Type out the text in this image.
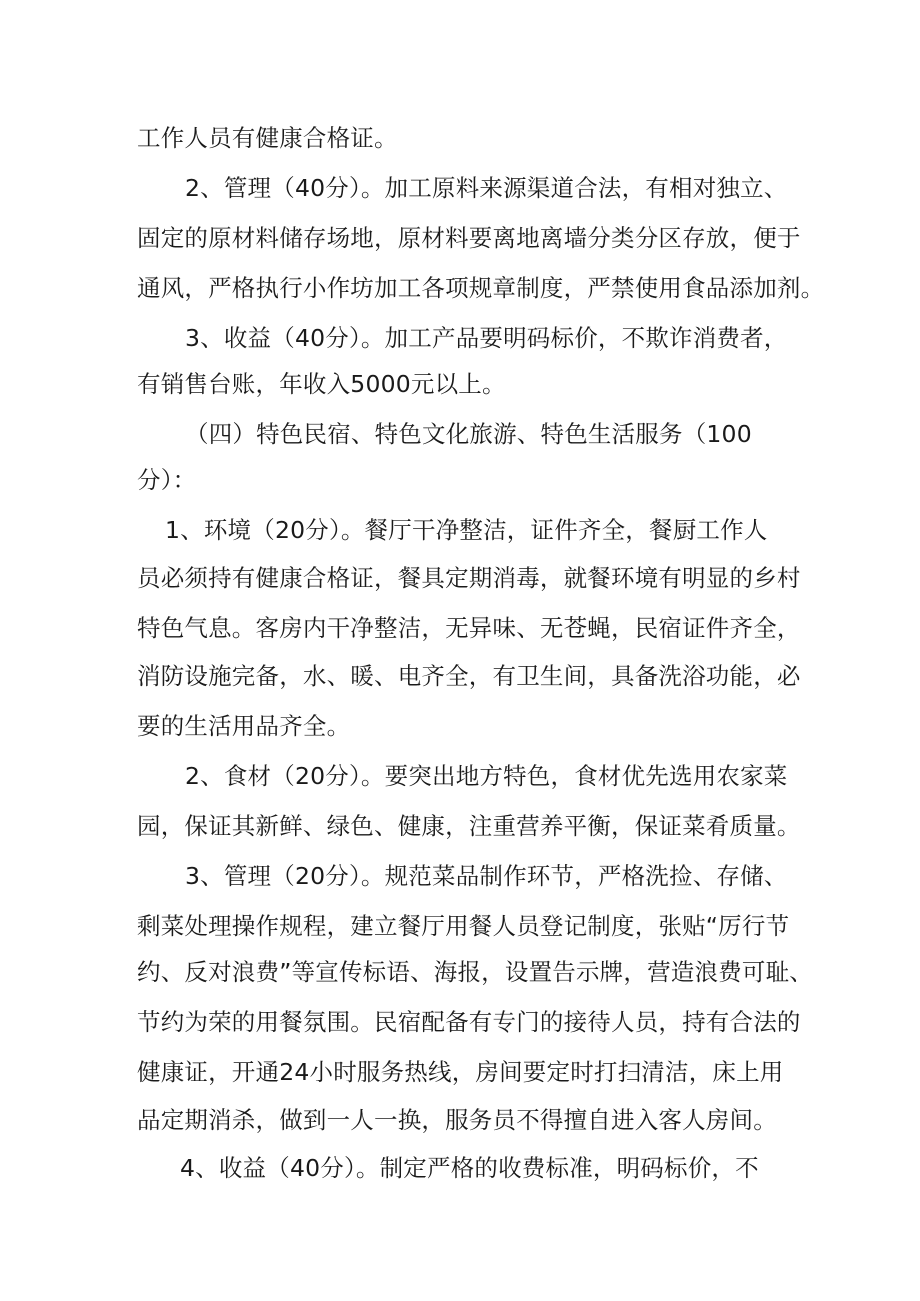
工作人员有健康合格证。
2、管理（40分）。加工原料来源渠道合法，有相对独立、
固定的原材料储存场地，原材料要离地离墙分类分区存放，便于
通风，严格执行小作坊加工各项规章制度，严禁使用食品添加剂。
3、收益（40分）。加工产品要明码标价，不欺诈消费者，
有销售台账，年收入5000元以上。
（四）特色民宿、特色文化旅游、特色生活服务（100
分）：
1、环境（20分）。餐厅干净整洁，证件齐全，餐厨工作人
员必须持有健康合格证，餐具定期消毒，就餐环境有明显的乡村
特色气息。客房内干净整洁，无异味、无苍蝇，民宿证件齐全，
消防设施完备，水、暖、电齐全，有卫生间，具备洗浴功能，必
要的生活用品齐全。
2、食材（20分）。要突出地方特色，食材优先选用农家菜
园，保证其新鲜、绿色、健康，注重营养平衡，保证菜肴质量。
3、管理（20分）。规范菜品制作环节，严格洗捡、存储、
剩菜处理操作规程，建立餐厅用餐人员登记制度，张贴“厉行节
约、反对浪费”等宣传标语、海报，设置告示牌，营造浪费可耻、
节约为荣的用餐氛围。民宿配备有专门的接待人员，持有合法的
健康证，开通24小时服务热线，房间要定时打扫清洁，床上用
品定期消杀，做到一人一换，服务员不得擅自进入客人房间。
4、收益（40分）。制定严格的收费标准，明码标价，不
